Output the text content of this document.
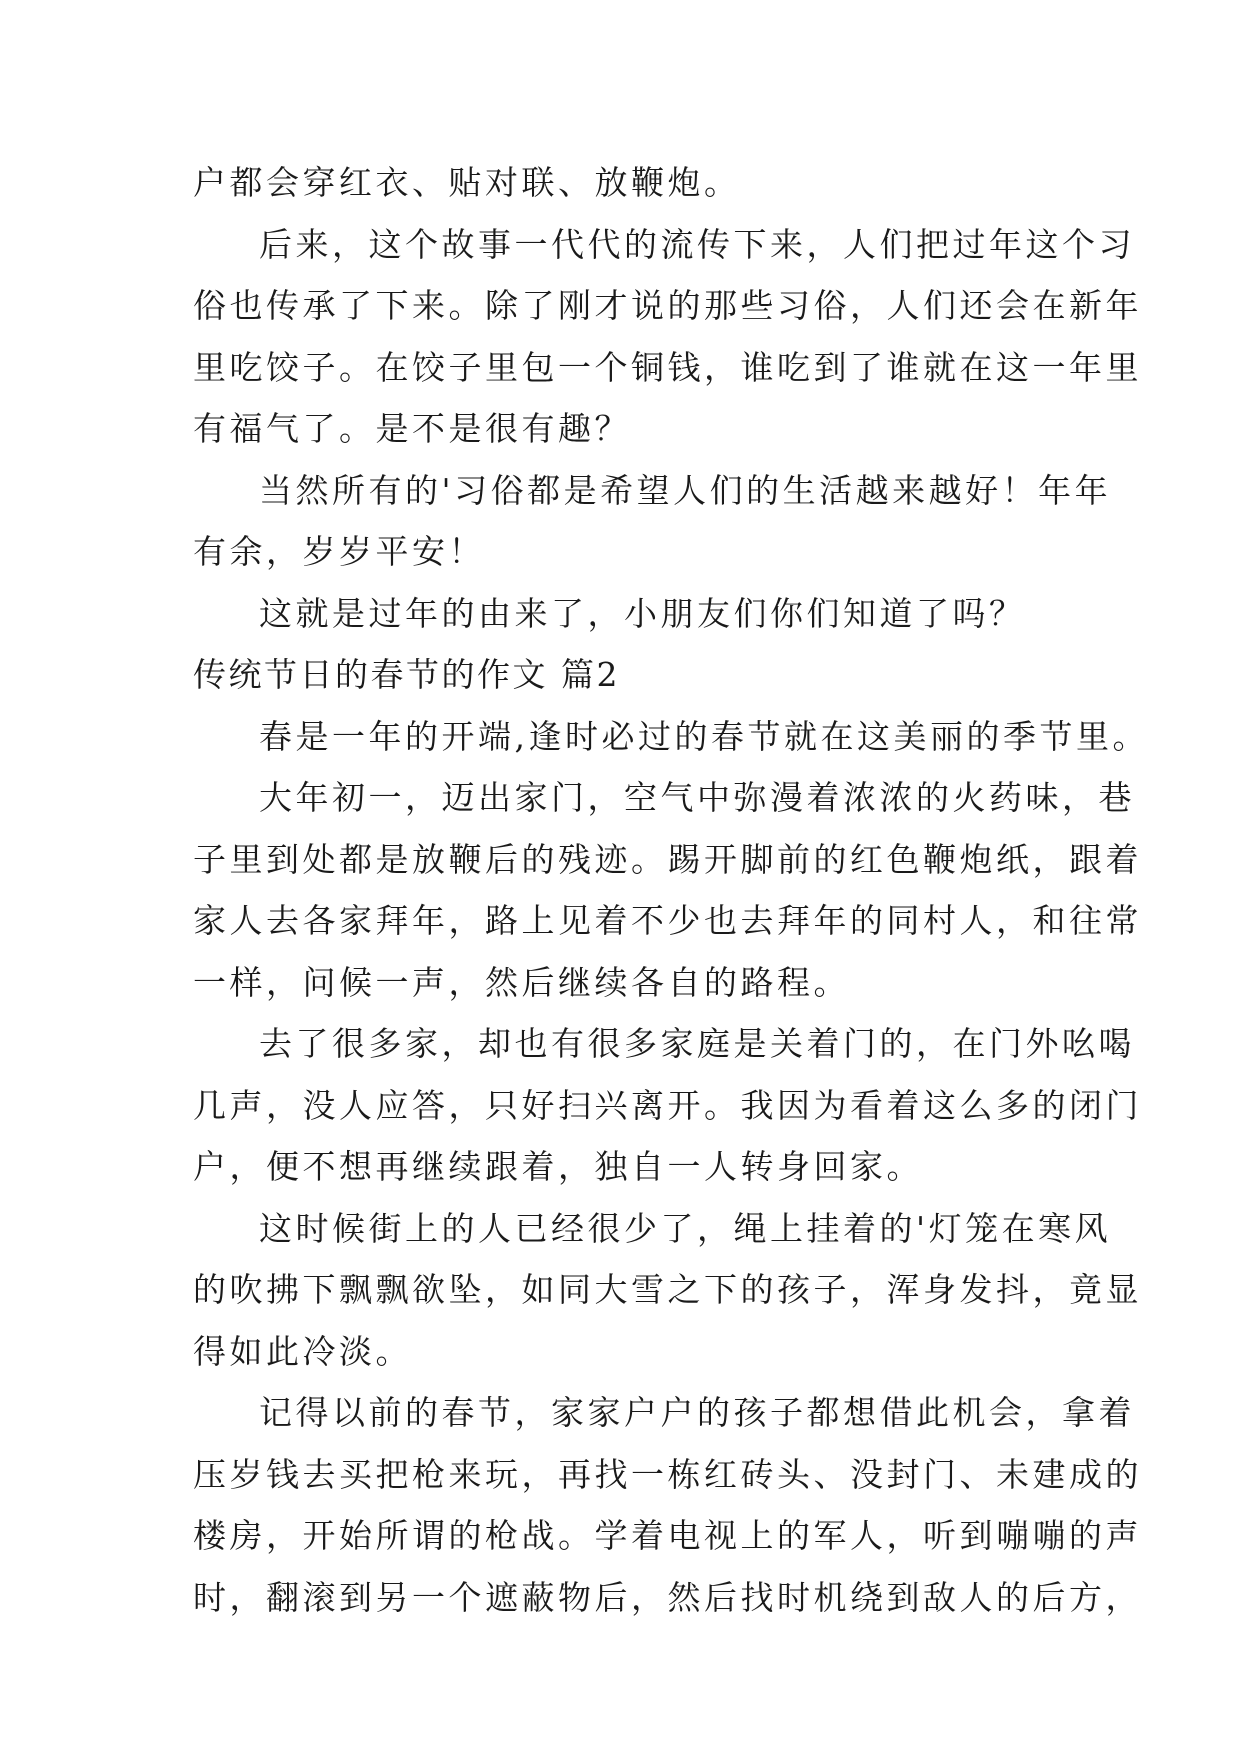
户都会穿红衣、贴对联、放鞭炮。
后来，这个故事一代代的流传下来，人们把过年这个习
俗也传承了下来。除了刚才说的那些习俗，人们还会在新年
里吃饺子。在饺子里包一个铜钱，谁吃到了谁就在这一年里
有福气了。是不是很有趣？
当然所有的'习俗都是希望人们的生活越来越好！年年
有余，岁岁平安！
这就是过年的由来了，小朋友们你们知道了吗？
传统节日的春节的作文 篇2
春是一年的开端,逢时必过的春节就在这美丽的季节里。
大年初一，迈出家门，空气中弥漫着浓浓的火药味，巷
子里到处都是放鞭后的残迹。踢开脚前的红色鞭炮纸，跟着
家人去各家拜年，路上见着不少也去拜年的同村人，和往常
一样，问候一声，然后继续各自的路程。
去了很多家，却也有很多家庭是关着门的，在门外吆喝
几声，没人应答，只好扫兴离开。我因为看着这么多的闭门
户，便不想再继续跟着，独自一人转身回家。
这时候街上的人已经很少了，绳上挂着的'灯笼在寒风
的吹拂下飘飘欲坠，如同大雪之下的孩子，浑身发抖，竟显
得如此冷淡。
记得以前的春节，家家户户的孩子都想借此机会，拿着
压岁钱去买把枪来玩，再找一栋红砖头、没封门、未建成的
楼房，开始所谓的枪战。学着电视上的军人，听到嘣嘣的声
时，翻滚到另一个遮蔽物后，然后找时机绕到敌人的后方，
